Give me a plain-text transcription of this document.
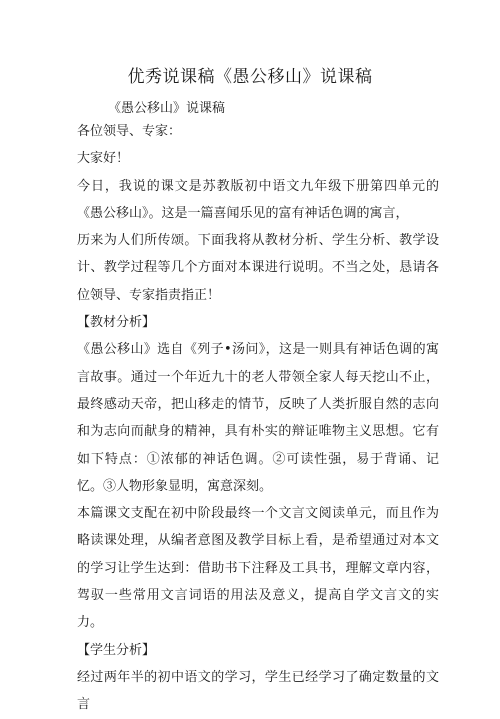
优秀说课稿《愚公移山》说课稿
《愚公移山》说课稿

各位领导、专家：

大家好！

今日，我说的课文是苏教版初中语文九年级下册第四单元的《愚公移山》。这是一篇喜闻乐见的富有神话色调的寓言，

历来为人们所传颂。下面我将从教材分析、学生分析、教学设计、教学过程等几个方面对本课进行说明。不当之处，恳请各位领导、专家指责指正！

【教材分析】

《愚公移山》选自《列子•汤问》，这是一则具有神话色调的寓言故事。通过一个年近九十的老人带领全家人每天挖山不止，最终感动天帝，把山移走的情节，反映了人类折服自然的志向和为志向而献身的精神，具有朴实的辩证唯物主义思想。它有如下特点：①浓郁的神话色调。②可读性强，易于背诵、记忆。③人物形象显明，寓意深刻。

本篇课文支配在初中阶段最终一个文言文阅读单元，而且作为略读课处理，从编者意图及教学目标上看，是希望通过对本文的学习让学生达到：借助书下注释及工具书，理解文章内容，驾驭一些常用文言词语的用法及意义，提高自学文言文的实力。

【学生分析】

经过两年半的初中语文的学习，学生已经学习了确定数量的文言
